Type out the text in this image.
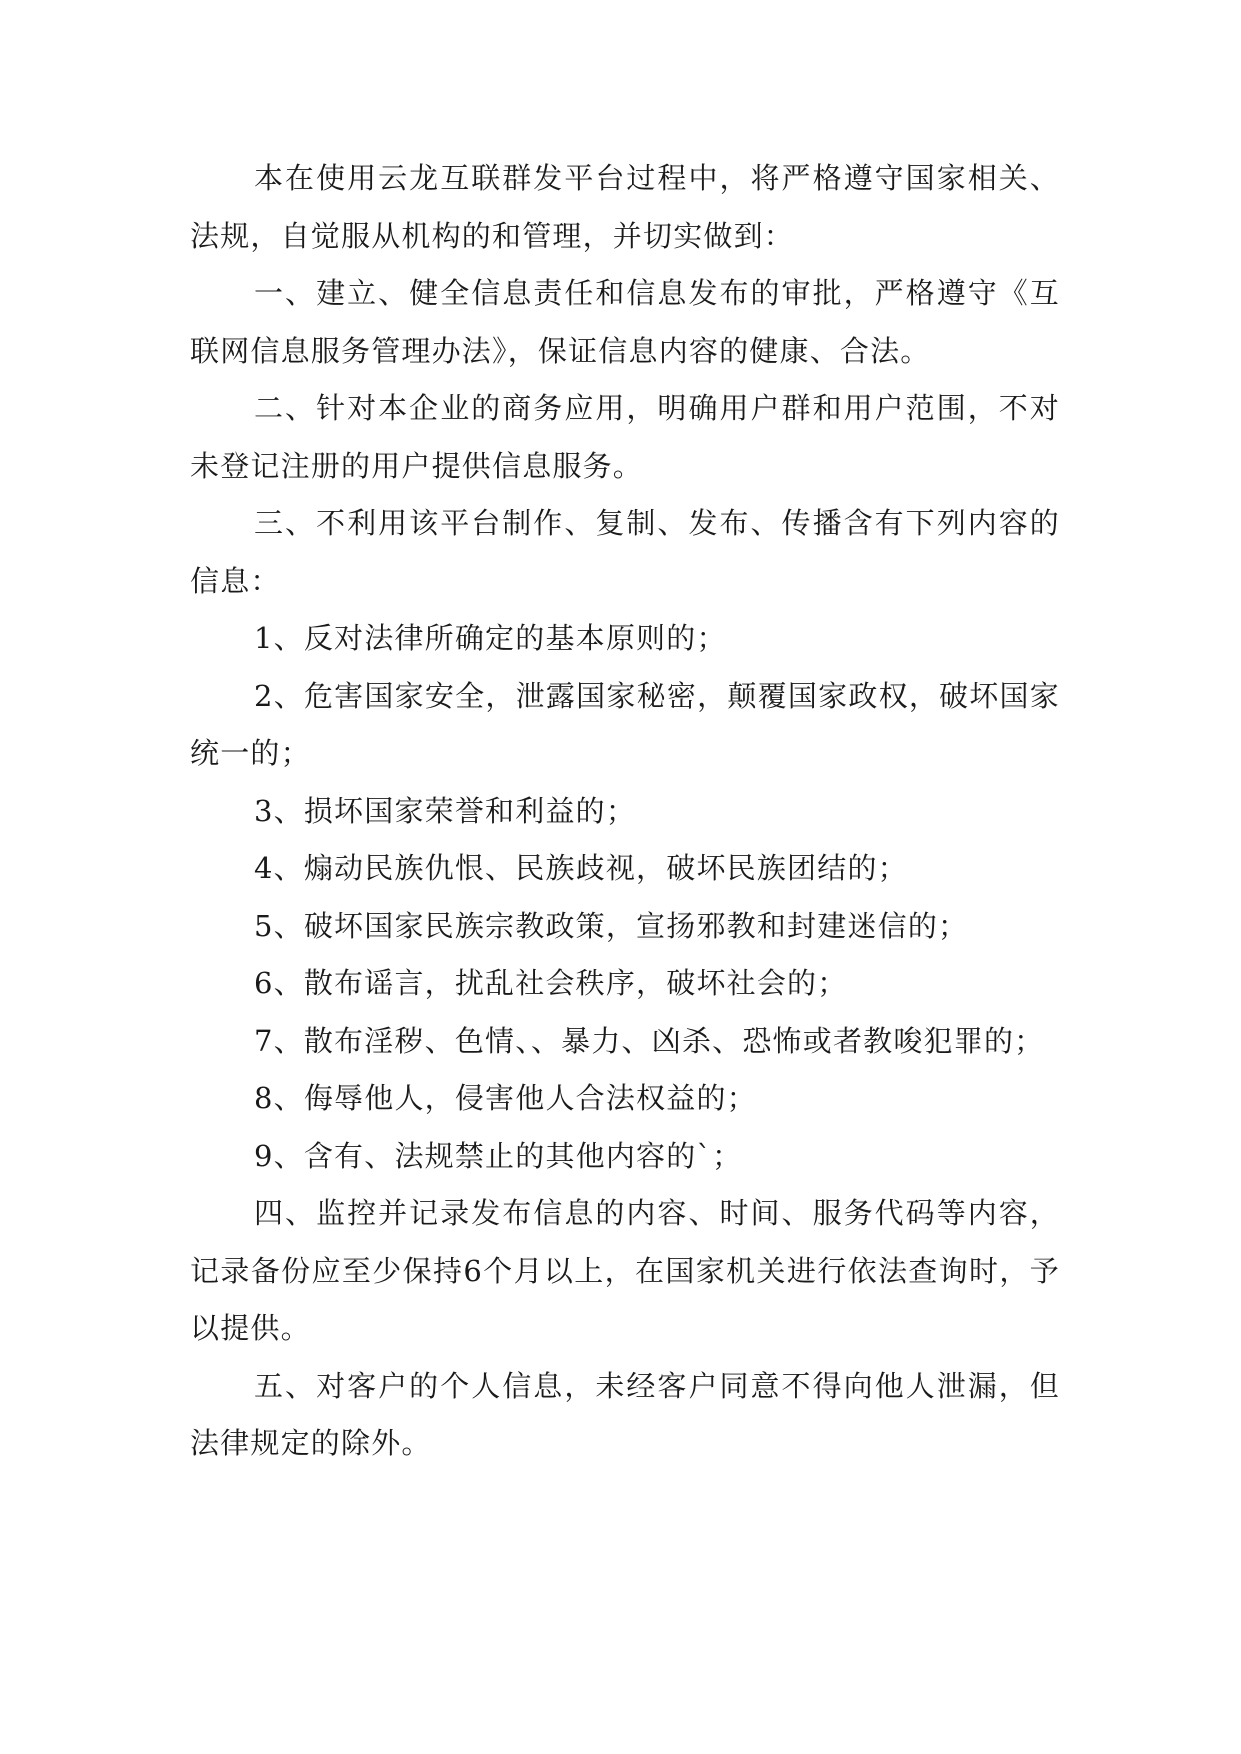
本在使用云龙互联群发平台过程中，将严格遵守国家相关、法规，自觉服从机构的和管理，并切实做到：

一、建立、健全信息责任和信息发布的审批，严格遵守《互联网信息服务管理办法》，保证信息内容的健康、合法。

二、针对本企业的商务应用，明确用户群和用户范围，不对未登记注册的用户提供信息服务。

三、不利用该平台制作、复制、发布、传播含有下列内容的信息：

1、反对法律所确定的基本原则的；

2、危害国家安全，泄露国家秘密，颠覆国家政权，破坏国家统一的；

3、损坏国家荣誉和利益的；

4、煽动民族仇恨、民族歧视，破坏民族团结的；

5、破坏国家民族宗教政策，宣扬邪教和封建迷信的；

6、散布谣言，扰乱社会秩序，破坏社会的；

7、散布淫秽、色情、、暴力、凶杀、恐怖或者教唆犯罪的；

8、侮辱他人，侵害他人合法权益的；

9、含有、法规禁止的其他内容的`；

四、监控并记录发布信息的内容、时间、服务代码等内容，记录备份应至少保持6个月以上，在国家机关进行依法查询时，予以提供。

五、对客户的个人信息，未经客户同意不得向他人泄漏，但法律规定的除外。
